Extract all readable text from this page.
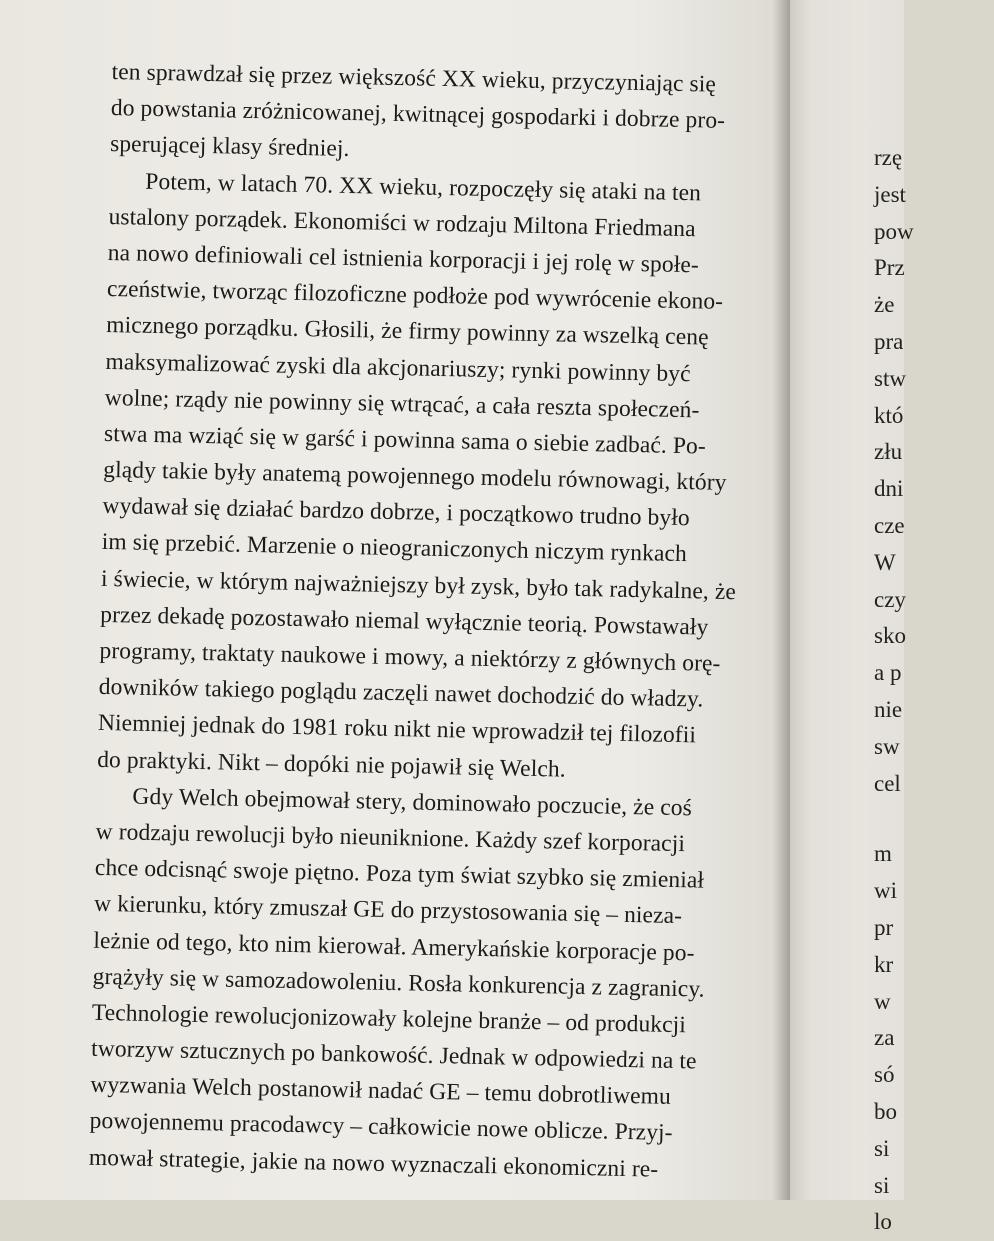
ten sprawdzał się przez większość XX wieku, przyczyniając się
do powstania zróżnicowanej, kwitnącej gospodarki i dobrze pro-
sperującej klasy średniej.
Potem, w latach 70. XX wieku, rozpoczęły się ataki na ten
ustalony porządek. Ekonomiści w rodzaju Miltona Friedmana
na nowo definiowali cel istnienia korporacji i jej rolę w społe-
czeństwie, tworząc filozoficzne podłoże pod wywrócenie ekono-
micznego porządku. Głosili, że firmy powinny za wszelką cenę
maksymalizować zyski dla akcjonariuszy; rynki powinny być
wolne; rządy nie powinny się wtrącać, a cała reszta społeczeń-
stwa ma wziąć się w garść i powinna sama o siebie zadbać. Po-
glądy takie były anatemą powojennego modelu równowagi, który
wydawał się działać bardzo dobrze, i początkowo trudno było
im się przebić. Marzenie o nieograniczonych niczym rynkach
i świecie, w którym najważniejszy był zysk, było tak radykalne, że
przez dekadę pozostawało niemal wyłącznie teorią. Powstawały
programy, traktaty naukowe i mowy, a niektórzy z głównych orę-
downików takiego poglądu zaczęli nawet dochodzić do władzy.
Niemniej jednak do 1981 roku nikt nie wprowadził tej filozofii
do praktyki. Nikt – dopóki nie pojawił się Welch.
Gdy Welch obejmował stery, dominowało poczucie, że coś
w rodzaju rewolucji było nieuniknione. Każdy szef korporacji
chce odcisnąć swoje piętno. Poza tym świat szybko się zmieniał
w kierunku, który zmuszał GE do przystosowania się – nieza-
leżnie od tego, kto nim kierował. Amerykańskie korporacje po-
grążyły się w samozadowoleniu. Rosła konkurencja z zagranicy.
Technologie rewolucjonizowały kolejne branże – od produkcji
tworzyw sztucznych po bankowość. Jednak w odpowiedzi na te
wyzwania Welch postanowił nadać GE – temu dobrotliwemu
powojennemu pracodawcy – całkowicie nowe oblicze. Przyj-
mował strategie, jakie na nowo wyznaczali ekonomiczni re-
rzę
jest
pow
Prz
że
pra
stw
któ
złu
dni
cze
W
czy
sko
a p
nie
sw
cel
m
wi
pr
kr
w
za
só
bo
si
si
lo
